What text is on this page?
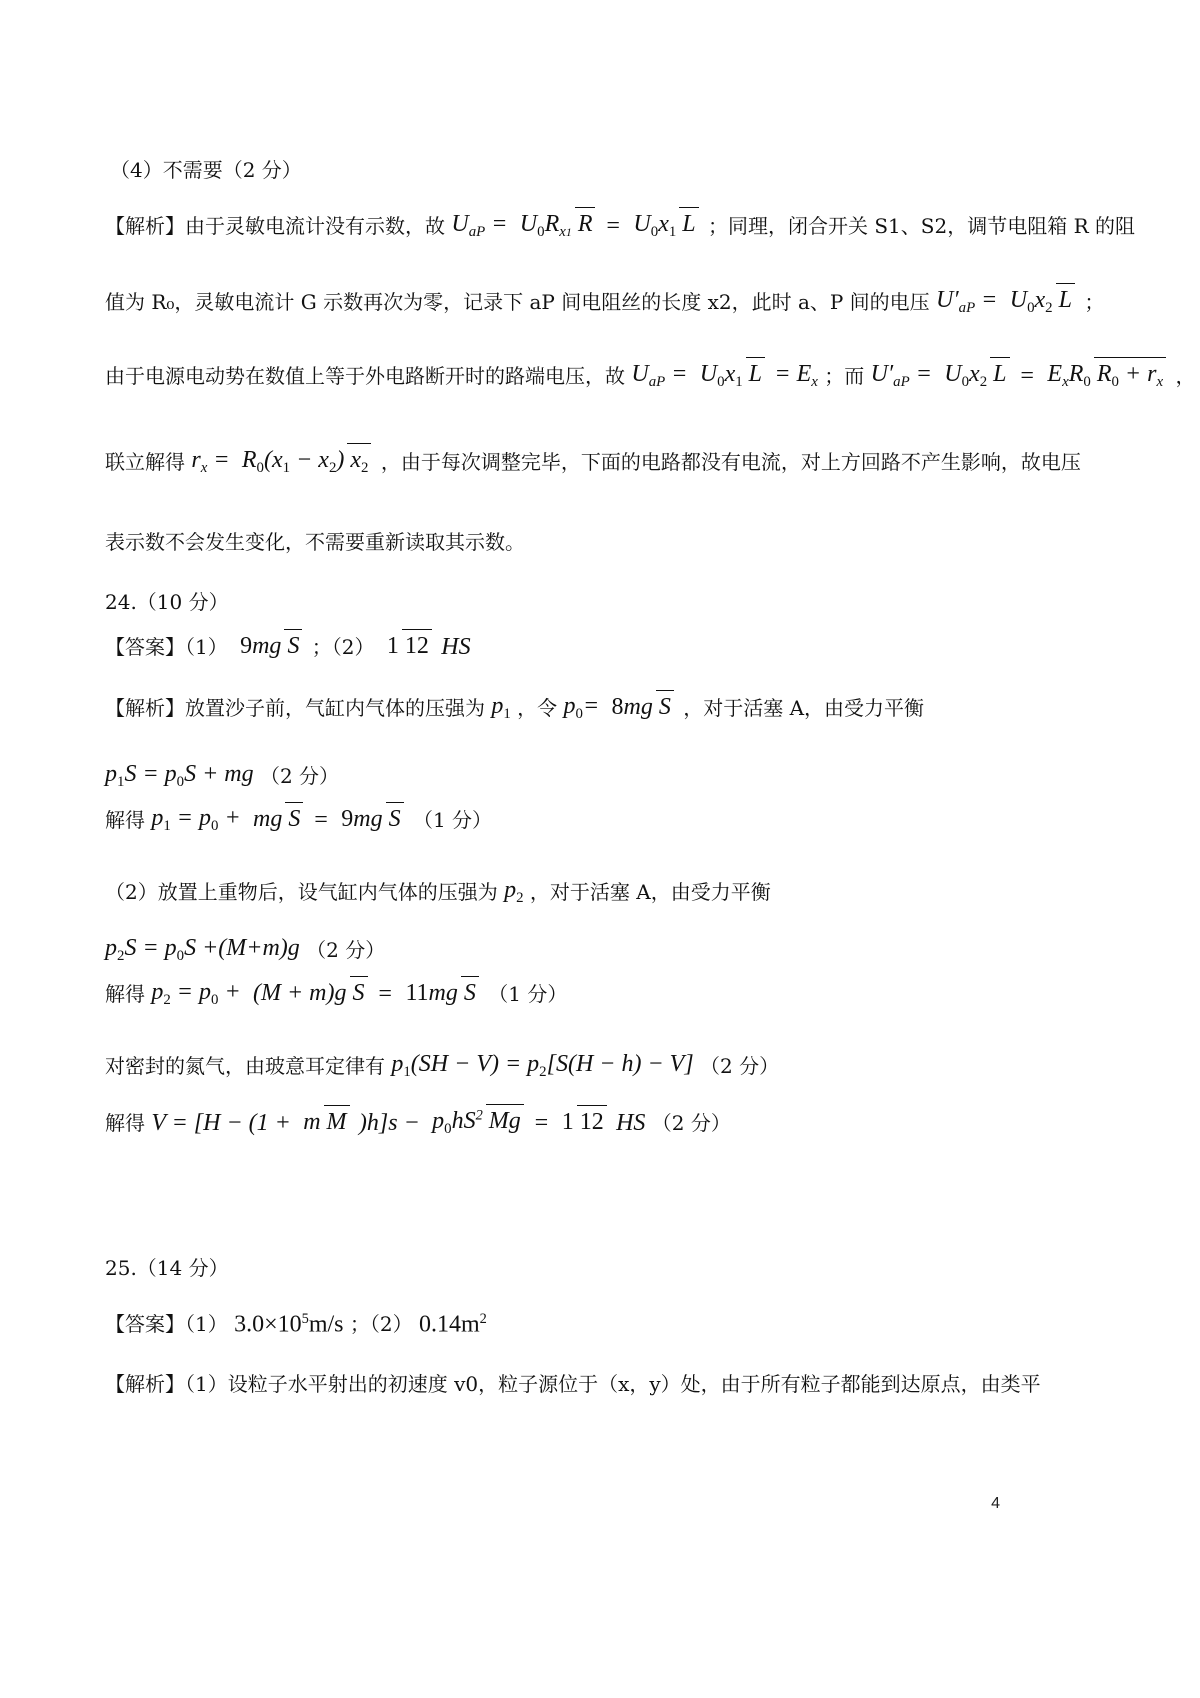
（4）不需要（2 分）
【解析】由于灵敏电流计没有示数，故 $U_{aP} = U_0R_{x1}$ $R = U_0x_1$ L ；同理，闭合开关 S1、S2，调节电阻箱 R 的阻
值为 R₀，灵敏电流计 G 示数再次为零，记录下 aP 间电阻丝的长度 x2，此时 a、P 间的电压 $U'_{aP} = U_0x_2$ L ；
由于电源电动势在数值上等于外电路断开时的路端电压，故 $U_{aP} = U_0x_1$ $L = E_x$ ；而 $U'_{aP} = U_0x_2$ $L = E_xR_0$ $R_0 + r_x$ ，
联立解得 $r_x = R_0(x_1 - x_2)$ $x_2$ ，由于每次调整完毕，下面的电路都没有电流，对上方回路不产生影响，故电压
表示数不会发生变化，不需要重新读取其示数。
24.（10 分）
【答案】（1） 9mg S ；（2） 1 12 HS
【解析】放置沙子前，气缸内气体的压强为 $p_1$ ，令 $p_0= 8mg$ S ，对于活塞 A，由受力平衡
$p_1S = p_0S$ + mg （2 分）
解得 $p_1 = p_0$ + mg S = 9mg S （1 分）
（2）放置上重物后，设气缸内气体的压强为 $p_2$ ，对于活塞 A，由受力平衡
$p_2S = p_0S +(M+m)g$ （2 分）
解得 $p_2 = p_0 + (M + m)g$ S = 11mg S （1 分）
对密封的氮气，由玻意耳定律有 $p_1(SH - V) = p_2[S(H - h) - V]$ （2 分）
解得 V = [H − (1 + m M )$h]s - p_0hS^2$ Mg = 1 12 HS （2 分）
25.（14 分）
【答案】（1） $3.0\times 10^5m/s$ ；（2） $0.14m^2$
【解析】（1）设粒子水平射出的初速度 v0，粒子源位于（x，y）处，由于所有粒子都能到达原点，由类平
4
